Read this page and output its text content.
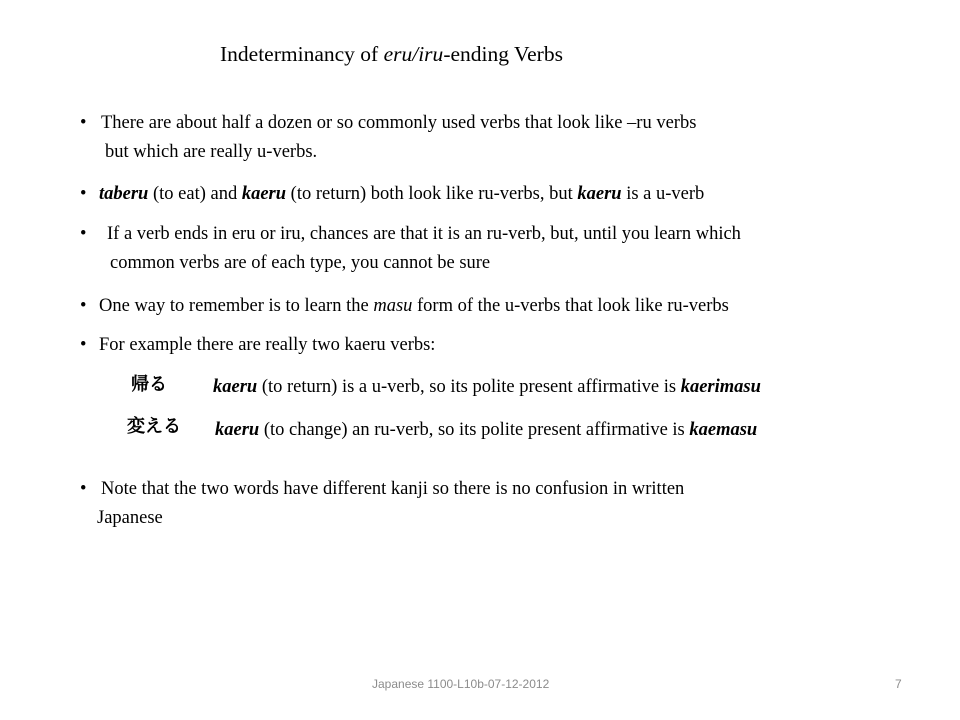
Indeterminancy of eru/iru-ending Verbs
• There are about half a dozen or so commonly used verbs that look like –ru verbs
but which are really u-verbs.
• taberu (to eat) and kaeru (to return) both look like ru-verbs, but kaeru is a u-verb
• If a verb ends in eru or iru, chances are that it is an ru-verb, but, until you learn which
common verbs are of each type, you cannot be sure
• One way to remember is to learn the masu form of the u-verbs that look like ru-verbs
• For example there are really two kaeru verbs:
帰る kaeru (to return) is a u-verb, so its polite present affirmative is kaerimasu
変える kaeru (to change) an ru-verb, so its polite present affirmative is kaemasu
• Note that the two words have different kanji so there is no confusion in written
Japanese
Japanese 1100-L10b-07-12-2012	7
